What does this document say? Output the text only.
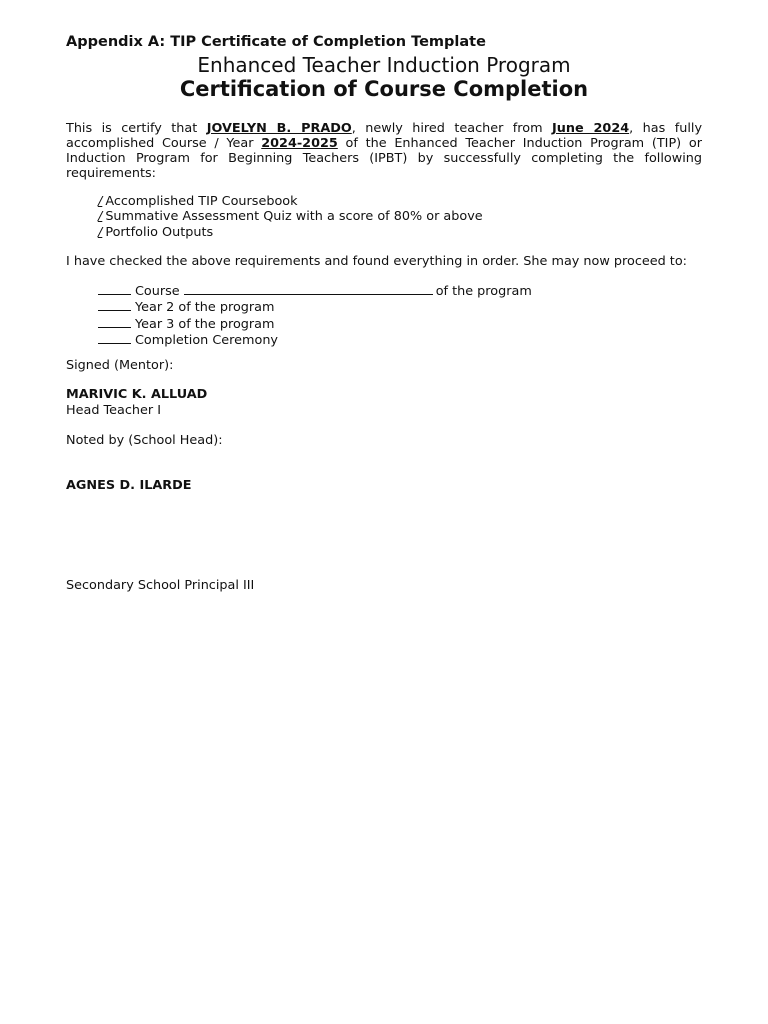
Appendix A: TIP Certificate of Completion Template
Enhanced Teacher Induction Program
Certification of Course Completion
This is certify that JOVELYN B. PRADO, newly hired teacher from June 2024, has fully
accomplished Course / Year 2024-2025 of the Enhanced Teacher Induction Program (TIP) or
Induction Program for Beginning Teachers (IPBT) by successfully completing the following
requirements:
/ Accomplished TIP Coursebook
/ Summative Assessment Quiz with a score of 80% or above
/ Portfolio Outputs
I have checked the above requirements and found everything in order. She may now proceed to:
Course	of the program
Year 2 of the program
Year 3 of the program
Completion Ceremony
Signed (Mentor):
MARIVIC K. ALLUAD
Head Teacher I
Noted by (School Head):
AGNES D. ILARDE
Secondary School Principal III
